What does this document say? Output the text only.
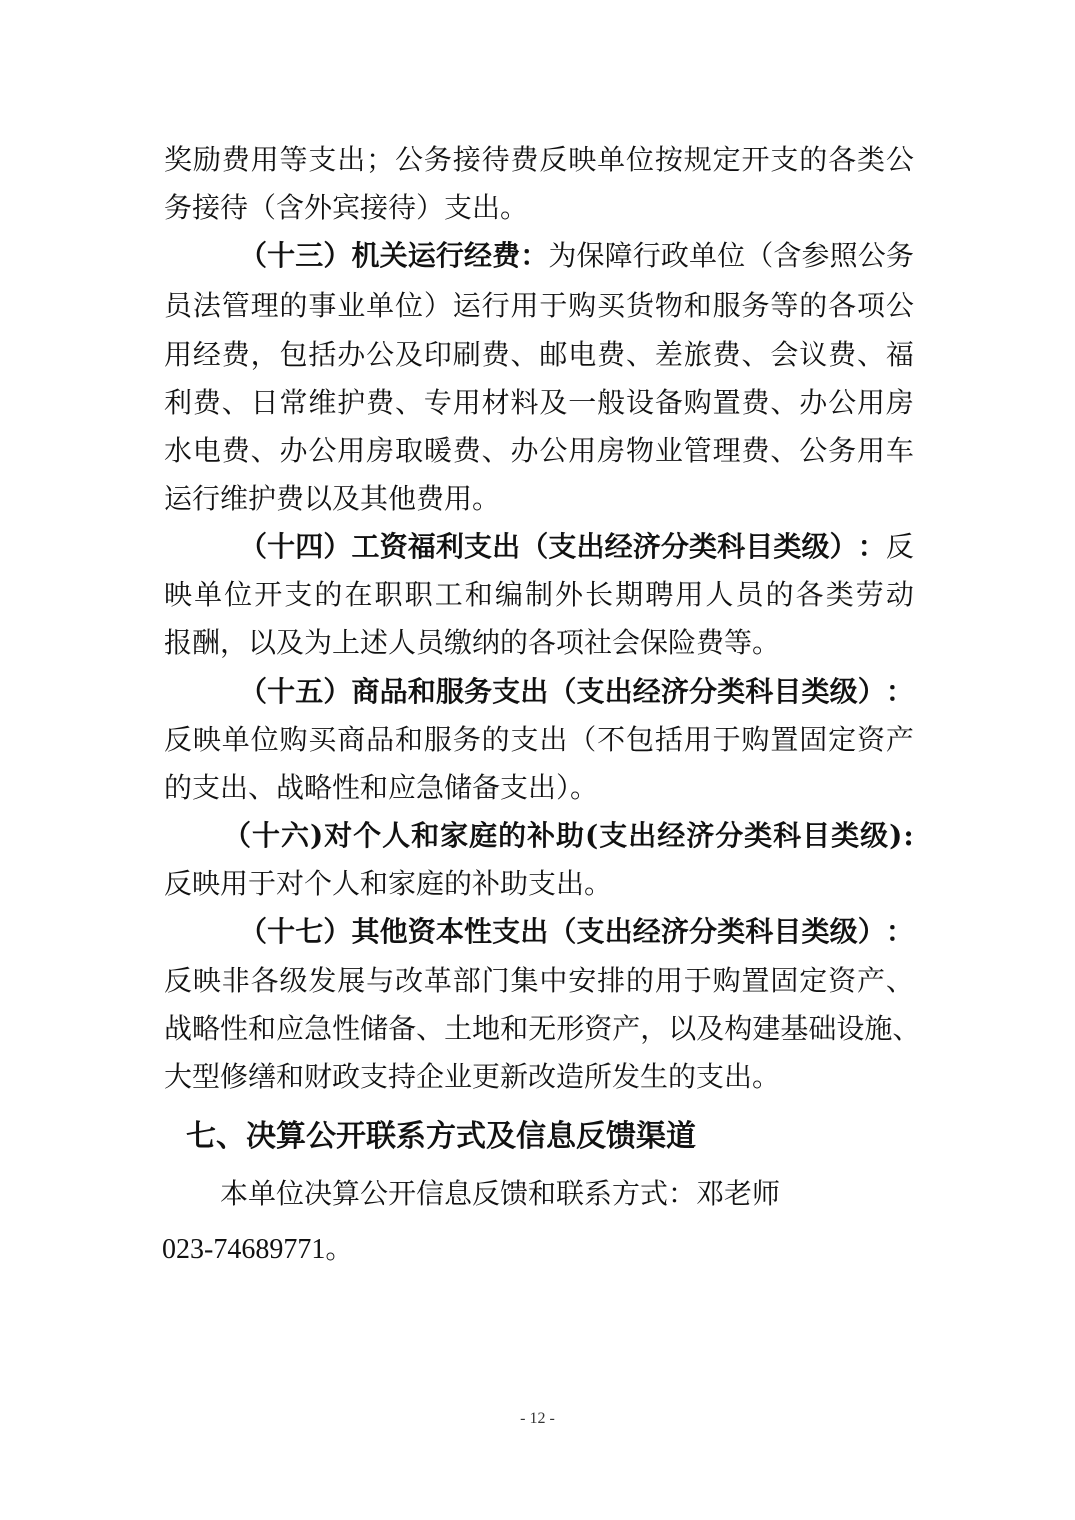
奖 励 费 用 等 支 出 ； 公 务 接 待 费 反 映 单 位 按 规 定 开 支 的 各 类 公
务接待（含外宾接待）支出。
（ 十 三 ） 机 关 运 行 经 费 ： 为 保 障 行 政 单 位 （ 含 参 照 公 务
员 法 管 理 的 事 业 单 位 ） 运 行 用 于 购 买 货 物 和 服 务 等 的 各 项 公
用 经 费 ， 包 括 办 公 及 印 刷 费 、 邮 电 费 、 差 旅 费 、 会 议 费 、 福
利 费 、 日 常 维 护 费 、 专 用 材 料 及 一 般 设 备 购 置 费 、 办 公 用 房
水 电 费 、 办 公 用 房 取 暖 费 、 办 公 用 房 物 业 管 理 费 、 公 务 用 车
运行维护费以及其他费用。
（ 十 四 ） 工 资 福 利 支 出 （ 支 出 经 济 分 类 科 目 类 级 ） ： 反
映 单 位 开 支 的 在 职 职 工 和 编 制 外 长 期 聘 用 人 员 的 各 类 劳 动
报酬，以及为上述人员缴纳的各项社会保险费等。
（ 十 五 ） 商 品 和 服 务 支 出 （ 支 出 经 济 分 类 科 目 类 级 ） ：
反 映 单 位 购 买 商 品 和 服 务 的 支 出 （ 不 包 括 用 于 购 置 固 定 资 产
的支出、战略性和应急储备支出）。
（ 十 六 ) 对 个 人 和 家 庭 的 补 助 ( 支 出 经 济 分 类 科 目 类 级 ) :
反映用于对个人和家庭的补助支出。
（ 十 七 ） 其 他 资 本 性 支 出 （ 支 出 经 济 分 类 科 目 类 级 ） ：
反 映 非 各 级 发 展 与 改 革 部 门 集 中 安 排 的 用 于 购 置 固 定 资 产 、
战 略 性 和 应 急 性 储 备 、 土 地 和 无 形 资 产 ， 以 及 构 建 基 础 设 施 、
大型修缮和财政支持企业更新改造所发生的支出。
七、决算公开联系方式及信息反馈渠道
本单位决算公开信息反馈和联系方式：邓老师
023-74689771。
- 12 -
